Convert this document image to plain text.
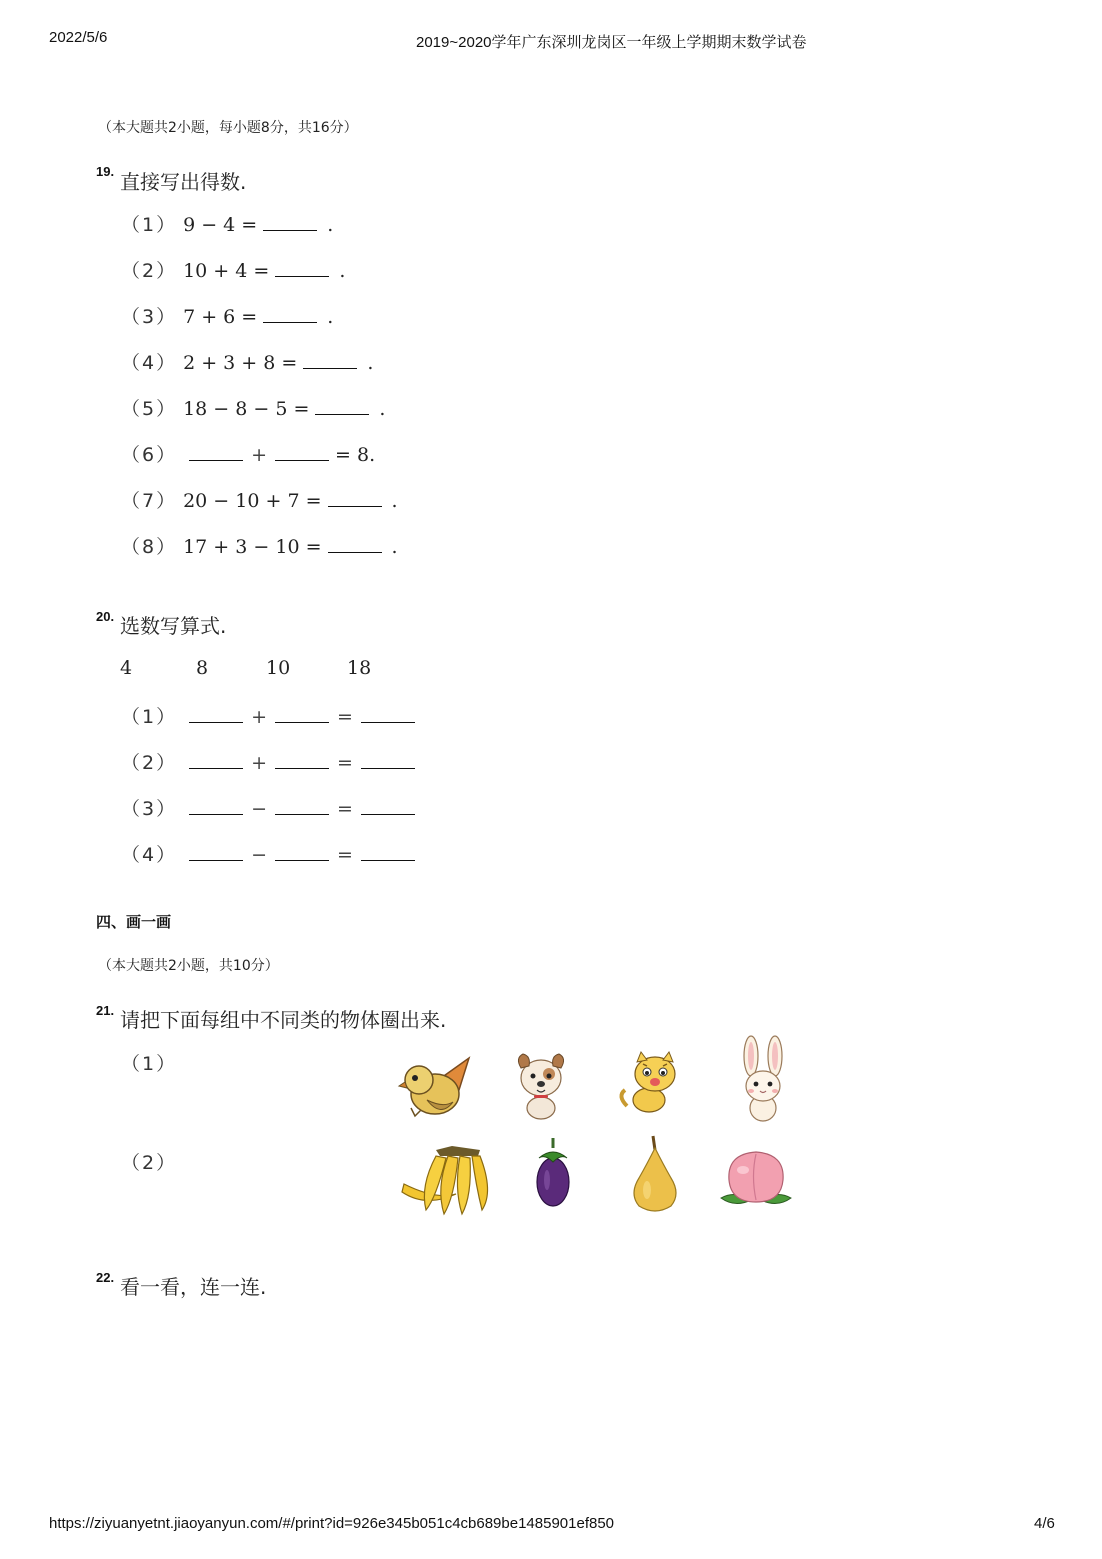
2022/5/6	2019~2020学年广东深圳龙岗区一年级上学期期末数学试卷
（本大题共2小题，每小题8分，共16分）
19. 直接写出得数.
（1） 9 − 4 =	.
（2） 10 + 4 =	.
（3） 7 + 6 =	.
（4） 2 + 3 + 8 =	.
（5） 18 − 8 − 5 =	.
（6）	+	= 8.
（7） 20 − 10 + 7 =	.
（8） 17 + 3 − 10 =	.
20. 选数写算式.
4	8	10	18
（1）	+	=
（2）	+	=
（3）	−	=
（4）	−	=
四、画一画
（本大题共2小题，共10分）
21. 请把下面每组中不同类的物体圈出来.
（1）
（2）
22. 看一看，连一连.
https://ziyuanyetnt.jiaoyanyun.com/#/print?id=926e345b051c4cb689be1485901ef850	4/6
